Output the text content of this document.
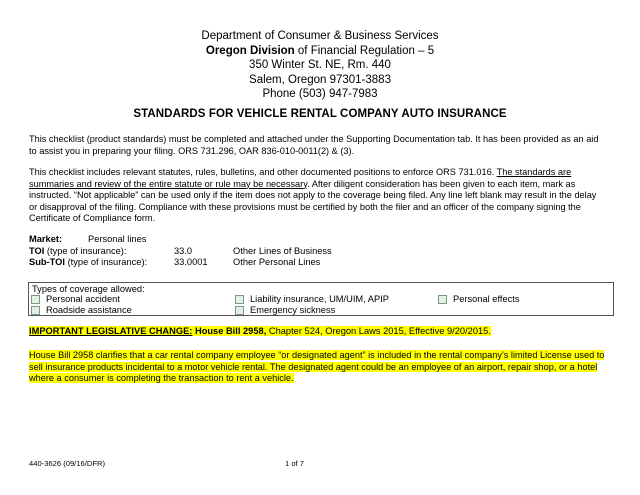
Department of Consumer & Business Services
Oregon Division of Financial Regulation – 5
350 Winter St. NE, Rm. 440
Salem, Oregon 97301-3883
Phone (503) 947-7983
STANDARDS FOR VEHICLE RENTAL COMPANY AUTO INSURANCE
This checklist (product standards) must be completed and attached under the Supporting Documentation tab. It has been provided as an aid to assist you in preparing your filing. ORS 731.296, OAR 836-010-0011(2) & (3).
This checklist includes relevant statutes, rules, bulletins, and other documented positions to enforce ORS 731.016. The standards are summaries and review of the entire statute or rule may be necessary. After diligent consideration has been given to each item, mark as instructed. “Not applicable” can be used only if the item does not apply to the coverage being filed. Any line left blank may result in the delay or disapproval of the filing. Compliance with these provisions must be certified by both the filer and an officer of the company signing the Certificate of Compliance form.
Market:	Personal lines
TOI (type of insurance):	33.0	Other Lines of Business
Sub-TOI (type of insurance):	33.0001	Other Personal Lines
Types of coverage allowed:
Personal accident
Roadside assistance
Liability insurance, UM/UIM, APIP
Emergency sickness
Personal effects
IMPORTANT LEGISLATIVE CHANGE: House Bill 2958, Chapter 524, Oregon Laws 2015, Effective 9/20/2015.
House Bill 2958 clarifies that a car rental company employee “or designated agent” is included in the rental company’s limited License used to sell insurance products incidental to a motor vehicle rental. The designated agent could be an employee of an airport, repair shop, or a hotel where a consumer is completing the transaction to rent a vehicle.
440-3626 (09/16/DFR)	1 of 7
